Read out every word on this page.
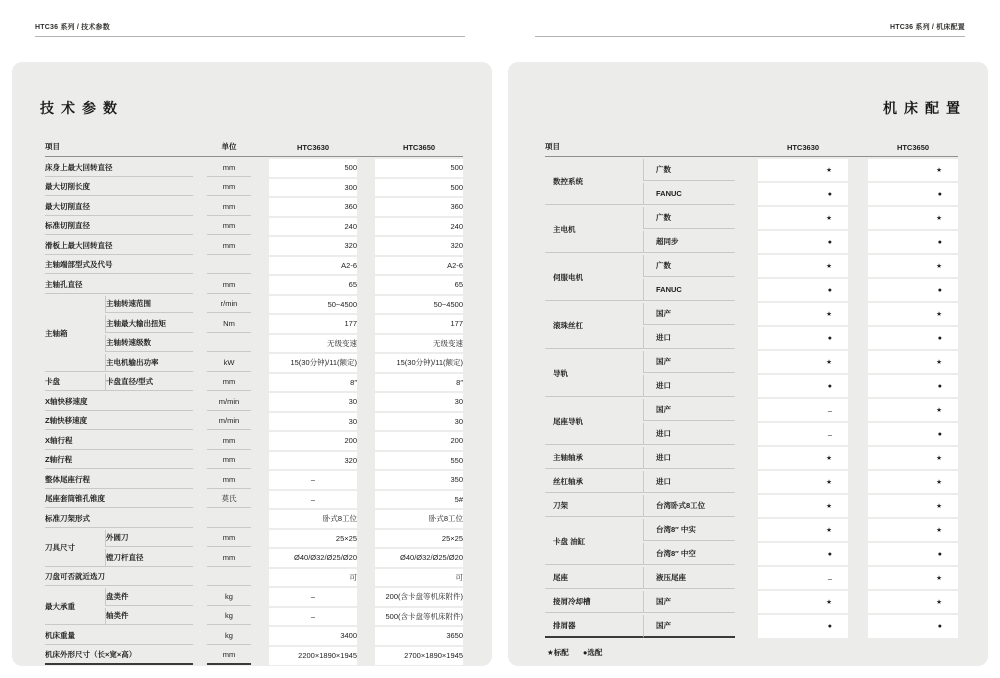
HTC36 系列 / 技术参数	HTC36 系列 / 机床配置
技术参数
项目			单位		HTC3630		HTC3650
床身上最大回转直径			mm		500		500
最大切削长度			mm		300		500
最大切削直径			mm		360		360
标准切削直径			mm		240		240
滑板上最大回转直径			mm		320		320
主轴端部型式及代号					A2-6		A2-6
主轴孔直径			mm		65		65
主轴箱	主轴转速范围		r/min		50~4500		50~4500
	主轴最大输出扭矩		Nm		177		177
	主轴转速级数				无级变速		无级变速
	主电机输出功率		kW		15(30分钟)/11(额定)		15(30分钟)/11(额定)
卡盘	卡盘直径/型式		mm		8″		8″
X轴快移速度			m/min		30		30
Z轴快移速度			m/min		30		30
X轴行程			mm		200		200
Z轴行程			mm		320		550
整体尾座行程			mm		–		350
尾座套筒锥孔锥度			莫氏		–		5#
标准刀架形式					卧式8工位		卧式8工位
刀具尺寸	外圆刀		mm		25×25		25×25
	镗刀杆直径		mm		Ø40/Ø32/Ø25/Ø20		Ø40/Ø32/Ø25/Ø20
刀盘可否就近选刀					可		可
最大承重	盘类件		kg		–		200(含卡盘等机床附件)
	轴类件		kg		–		500(含卡盘等机床附件)
机床重量			kg		3400		3650
机床外形尺寸（长×宽×高）			mm		2200×1890×1945		2700×1890×1945
机床配置
项目			HTC3630		HTC3650
数控系统	广数		★		★
	FANUC		●		●
主电机	广数		★		★
	超同步		●		●
伺服电机	广数		★		★
	FANUC		●		●
滚珠丝杠	国产		★		★
	进口		●		●
导轨	国产		★		★
	进口		●		●
尾座导轨	国产		–		★
	进口		–		●
主轴轴承	进口		★		★
丝杠轴承	进口		★		★
刀架	台湾卧式8工位		★		★
卡盘 油缸	台湾8″ 中实		★		★
	台湾8″ 中空		●		●
尾座	液压尾座		–		★
接屑冷却槽	国产		★		★
排屑器	国产		●		●
★标配 ●选配
